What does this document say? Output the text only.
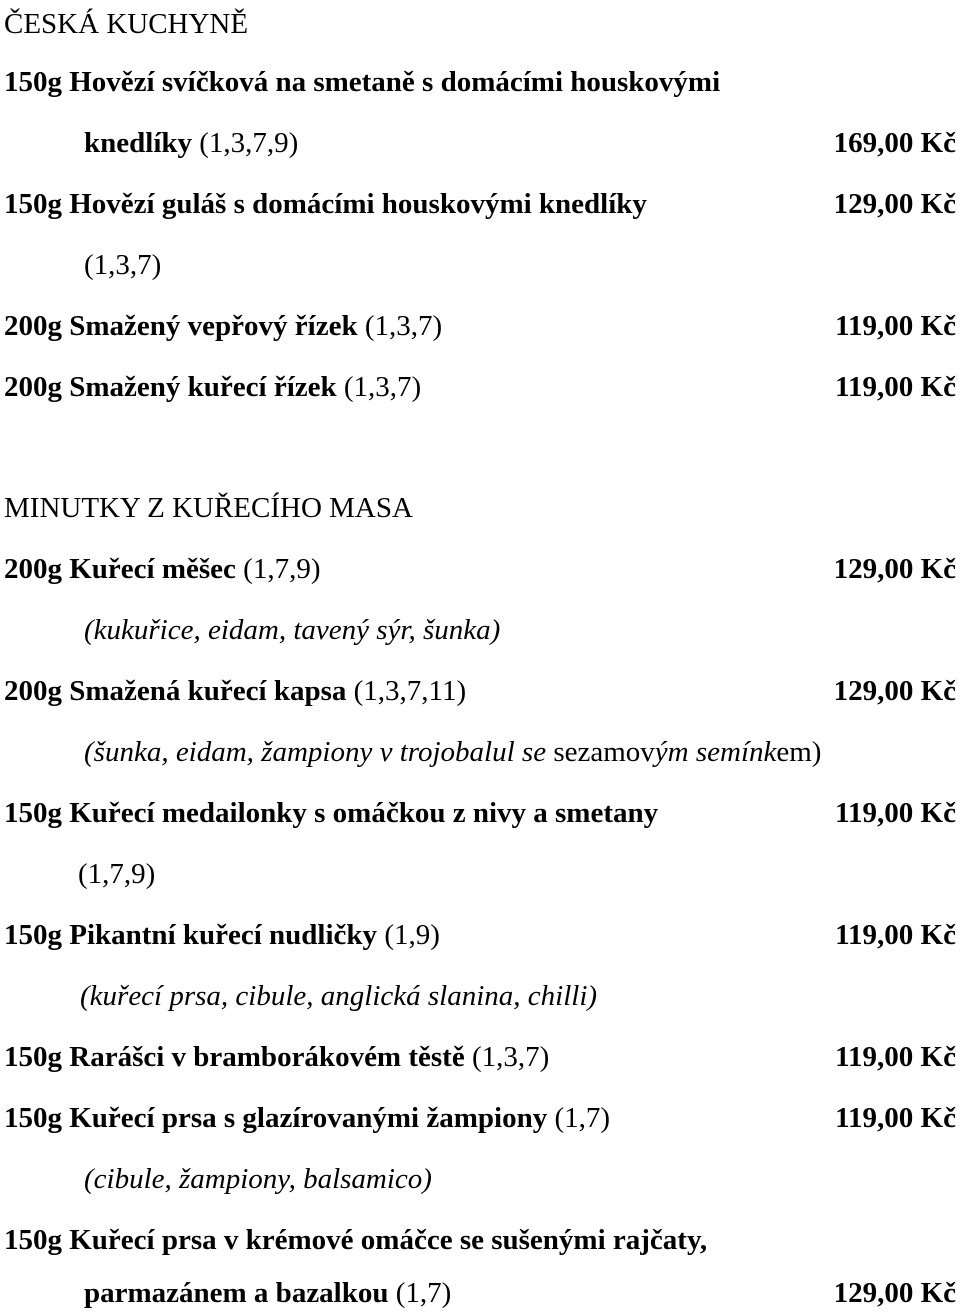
ČESKÁ KUCHYNĚ
150g Hovězí svíčková na smetaně s domácími houskovými
knedlíky (1,3,7,9)	169,00 Kč
150g Hovězí guláš s domácími houskovými knedlíky	129,00 Kč
(1,3,7)
200g Smažený vepřový řízek (1,3,7)	119,00 Kč
200g Smažený kuřecí řízek (1,3,7)	119,00 Kč
MINUTKY Z KUŘECÍHO MASA
200g Kuřecí měšec (1,7,9)	129,00 Kč
(kukuřice, eidam, tavený sýr, šunka)
200g Smažená kuřecí kapsa (1,3,7,11)	129,00 Kč
(šunka, eidam, žampiony v trojobalul se sezamovým semínkem)
150g Kuřecí medailonky s omáčkou z nivy a smetany	119,00 Kč
(1,7,9)
150g Pikantní kuřecí nudličky (1,9)	119,00 Kč
(kuřecí prsa, cibule, anglická slanina, chilli)
150g Rarášci v bramborákovém těstě (1,3,7)	119,00 Kč
150g Kuřecí prsa s glazírovanými žampiony (1,7)	119,00 Kč
(cibule, žampiony, balsamico)
150g Kuřecí prsa v krémové omáčce se sušenými rajčaty,
parmazánem a bazalkou (1,7)	129,00 Kč
